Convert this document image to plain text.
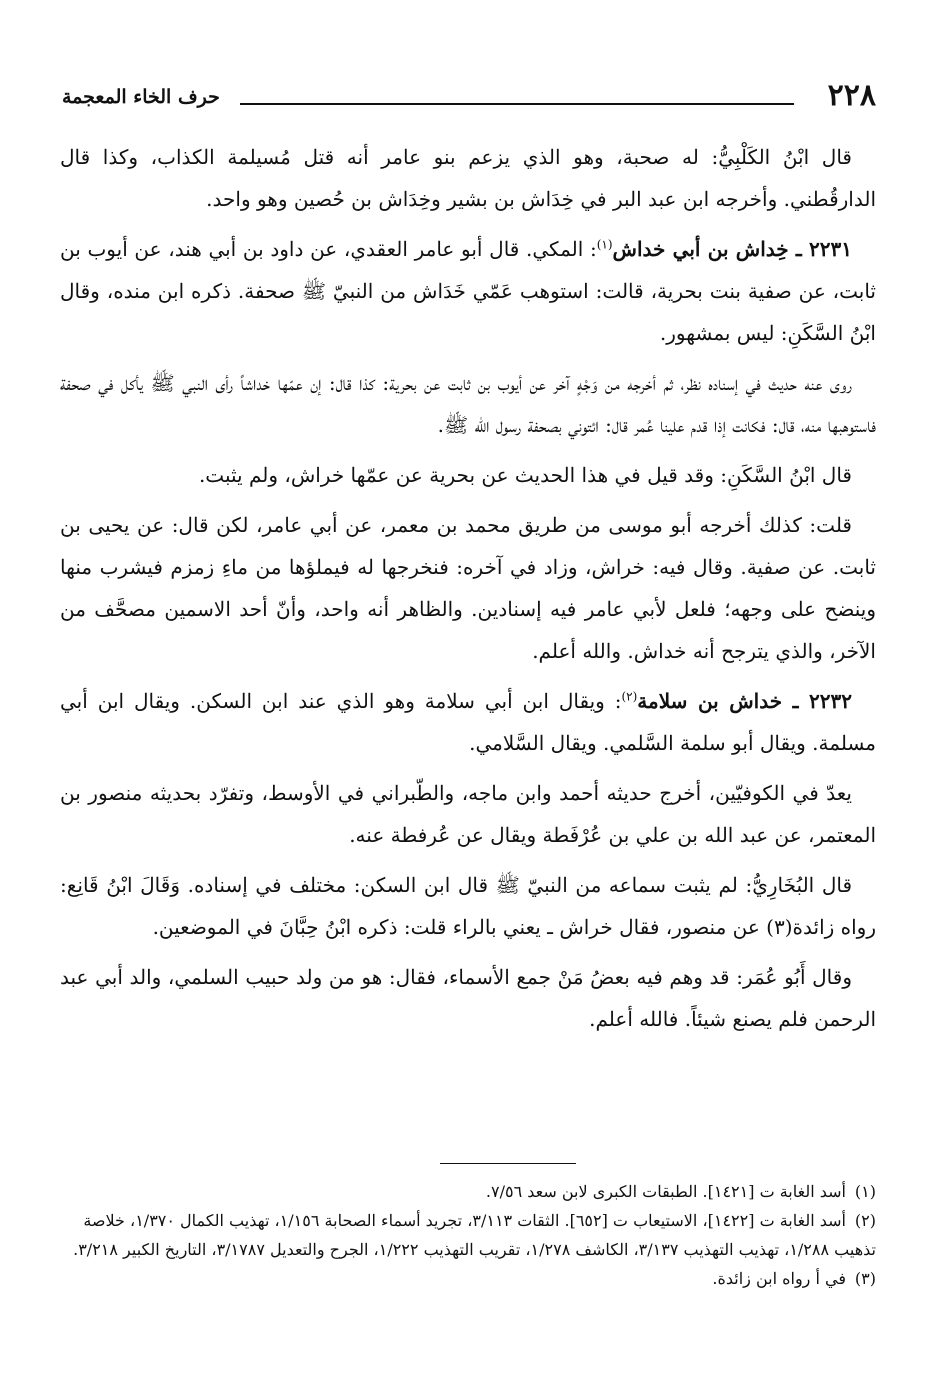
٢٢٨
حرف الخاء المعجمة

قال ابْنُ الكَلْبِيُّ: له صحبة، وهو الذي يزعم بنو عامر أنه قتل مُسيلمة الكذاب، وكذا قال الدارقُطني. وأخرجه ابن عبد البر في خِدَاش بن بشير وخِدَاش بن حُصين وهو واحد.

٢٢٣١ ـ خِداش بن أبي خداش$^{(١)}$: المكي. قال أبو عامر العقدي، عن داود بن أبي هند، عن أيوب بن ثابت، عن صفية بنت بحرية، قالت: استوهب عَمّي خَدَاش من النبيّ ﷺ صحفة. ذكره ابن منده، وقال ابْنُ السَّكَنِ: ليس بمشهور.

روى عنه حديث في إسناده نظر، ثم أخرجه من وَجْهٍ آخر عن أيوب بن ثابت عن بحرية: كذا قال: إن عمّها خداشاً رأى النبي ﷺ يأكل في صحفة فاستوهبها منه، قال: فكانت إذا قدم علينا عُمر قال: ائتوني بصحفة رسول الله ﷺ.

قال ابْنُ السَّكَنِ: وقد قيل في هذا الحديث عن بحرية عن عمّها خراش، ولم يثبت.

قلت: كذلك أخرجه أبو موسى من طريق محمد بن معمر، عن أبي عامر، لكن قال: عن يحيى بن ثابت. عن صفية. وقال فيه: خراش، وزاد في آخره: فنخرجها له فيملؤها من ماءِ زمزم فيشرب منها وينضح على وجهه؛ فلعل لأبي عامر فيه إسنادين. والظاهر أنه واحد، وأنّ أحد الاسمين مصحَّف من الآخر، والذي يترجح أنه خداش. والله أعلم.

٢٢٣٢ ـ خداش بن سلامة$^{(٢)}$: ويقال ابن أبي سلامة وهو الذي عند ابن السكن. ويقال ابن أبي مسلمة. ويقال أبو سلمة السَّلمي. ويقال السَّلامي.

يعدّ في الكوفيّين، أخرج حديثه أحمد وابن ماجه، والطّبراني في الأوسط، وتفرّد بحديثه منصور بن المعتمر، عن عبد الله بن علي بن عُرْفَطة ويقال عن عُرفطة عنه.

قال البُخَارِيُّ: لم يثبت سماعه من النبيّ ﷺ قال ابن السكن: مختلف في إسناده. وَقَالَ ابْنُ قَانِع: رواه زائدة(٣) عن منصور، فقال خراش ـ يعني بالراء قلت: ذكره ابْنُ حِبَّانَ في الموضعين.

وقال أَبُو عُمَر: قد وهم فيه بعضُ مَنْ جمع الأسماء، فقال: هو من ولد حبيب السلمي، والد أبي عبد الرحمن فلم يصنع شيئاً. فالله أعلم.

(١)أسد الغابة ت [١٤٢١]. الطبقات الكبرى لابن سعد ٧/٥٦.

(٢)أسد الغابة ت [١٤٢٢]، الاستيعاب ت [٦٥٢]. الثقات ٣/١١٣، تجريد أسماء الصحابة ١/١٥٦، تهذيب الكمال ١/٣٧٠، خلاصة تذهيب ١/٢٨٨، تهذيب التهذيب ٣/١٣٧، الكاشف ١/٢٧٨، تقريب التهذيب ١/٢٢٢، الجرح والتعديل ٣/١٧٨٧، التاريخ الكبير ٣/٢١٨.

(٣)في أ رواه ابن زائدة.
